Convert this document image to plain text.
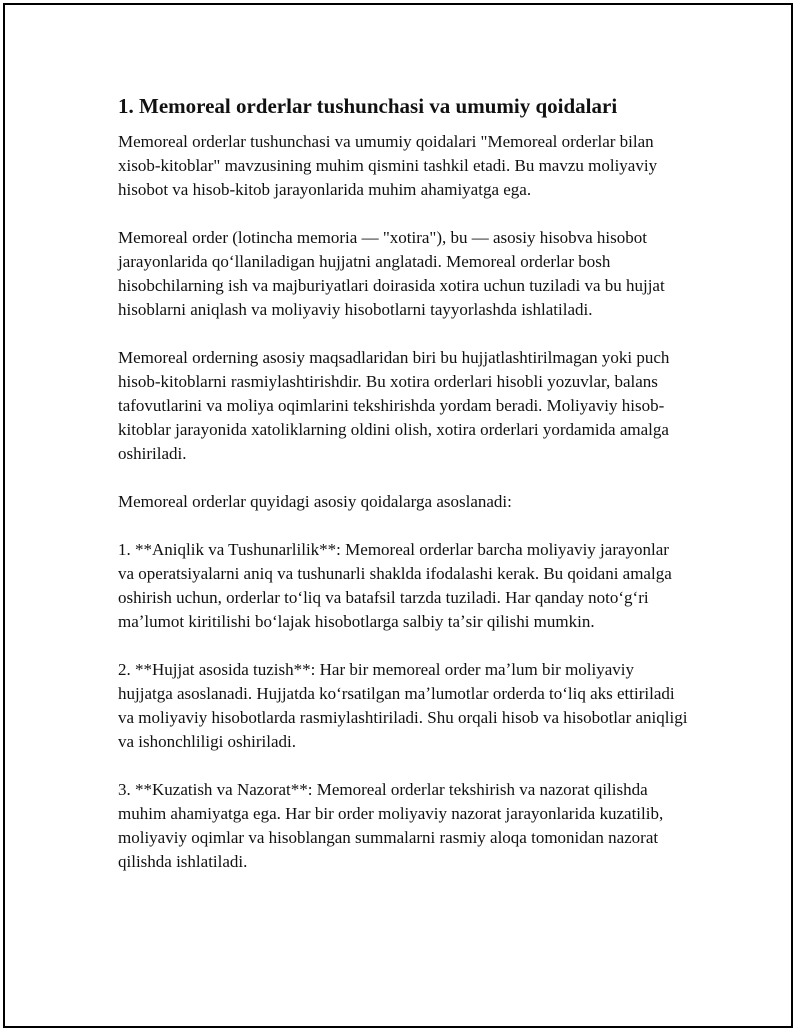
1. Memoreal orderlar tushunchasi va umumiy qoidalari

Memoreal orderlar tushunchasi va umumiy qoidalari "Memoreal orderlar bilan xisob-kitoblar" mavzusining muhim qismini tashkil etadi. Bu mavzu moliyaviy hisobot va hisob-kitob jarayonlarida muhim ahamiyatga ega.

Memoreal order (lotincha memoria — "xotira"), bu — asosiy hisobva hisobot jarayonlarida qoʻllaniladigan hujjatni anglatadi. Memoreal orderlar bosh hisobchilarning ish va majburiyatlari doirasida xotira uchun tuziladi va bu hujjat hisoblarni aniqlash va moliyaviy hisobotlarni tayyorlashda ishlatiladi.

Memoreal orderning asosiy maqsadlaridan biri bu hujjatlashtirilmagan yoki puch hisob-kitoblarni rasmiylashtirishdir. Bu xotira orderlari hisobli yozuvlar, balans tafovutlarini va moliya oqimlarini tekshirishda yordam beradi. Moliyaviy hisob-kitoblar jarayonida xatoliklarning oldini olish, xotira orderlari yordamida amalga oshiriladi.

Memoreal orderlar quyidagi asosiy qoidalarga asoslanadi:

1. **Aniqlik va Tushunarlilik**: Memoreal orderlar barcha moliyaviy jarayonlar va operatsiyalarni aniq va tushunarli shaklda ifodalashi kerak. Bu qoidani amalga oshirish uchun, orderlar toʻliq va batafsil tarzda tuziladi. Har qanday notoʻgʻri maʼlumot kiritilishi boʻlajak hisobotlarga salbiy taʼsir qilishi mumkin.

2. **Hujjat asosida tuzish**: Har bir memoreal order maʼlum bir moliyaviy hujjatga asoslanadi. Hujjatda koʻrsatilgan maʼlumotlar orderda toʻliq aks ettiriladi va moliyaviy hisobotlarda rasmiylashtiriladi. Shu orqali hisob va hisobotlar aniqligi va ishonchliligi oshiriladi.

3. **Kuzatish va Nazorat**: Memoreal orderlar tekshirish va nazorat qilishda muhim ahamiyatga ega. Har bir order moliyaviy nazorat jarayonlarida kuzatilib, moliyaviy oqimlar va hisoblangan summalarni rasmiy aloqa tomonidan nazorat qilishda ishlatiladi.
